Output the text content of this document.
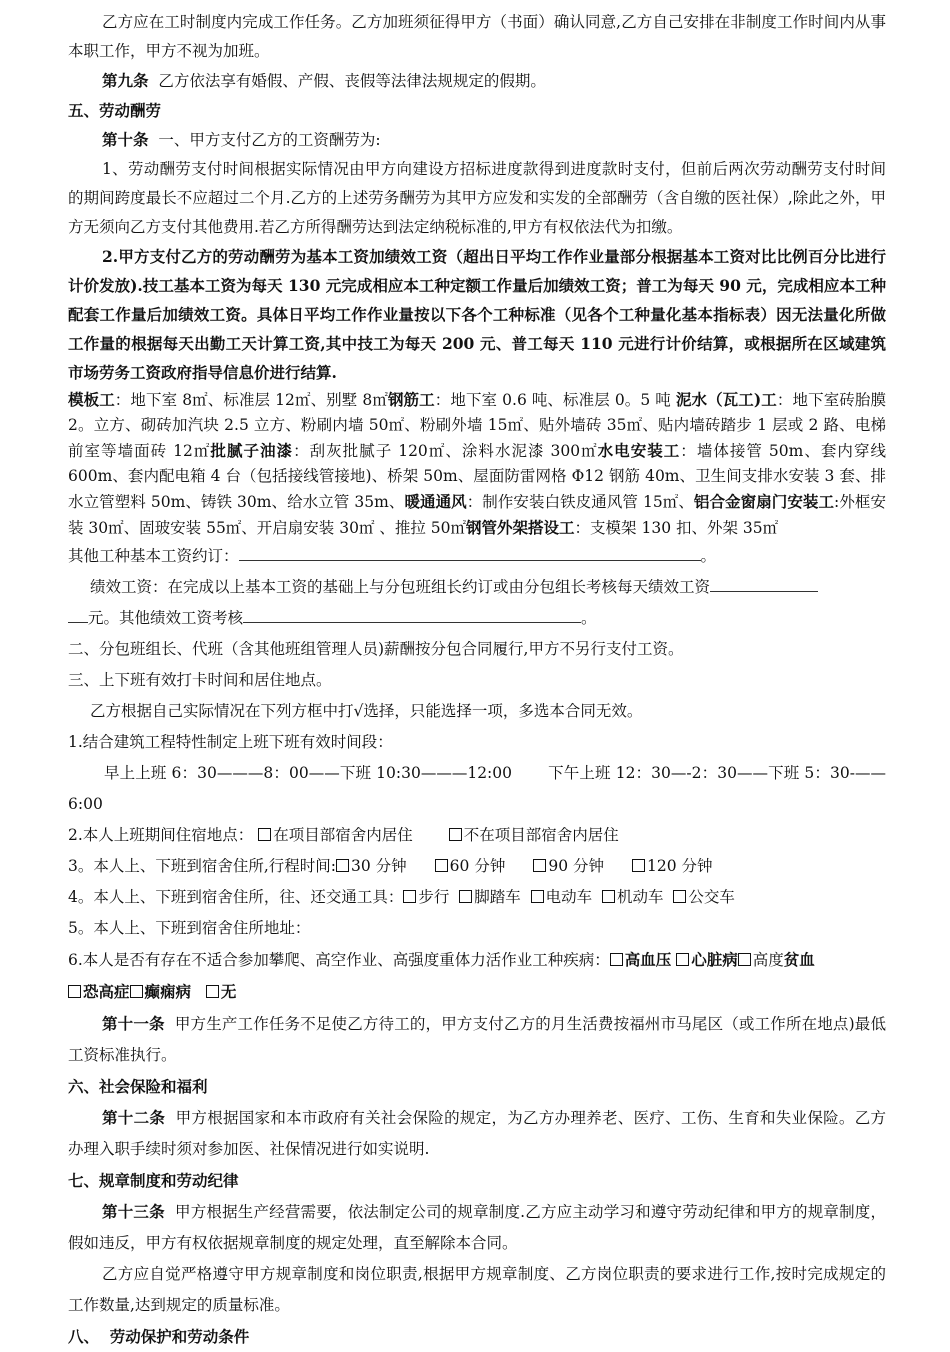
乙方应在工时制度内完成工作任务。乙方加班须征得甲方（书面）确认同意,乙方自己安排在非制度工作时间内从事本职工作，甲方不视为加班。

第九条 乙方依法享有婚假、产假、丧假等法律法规规定的假期。

五、劳动酬劳

第十条 一、甲方支付乙方的工资酬劳为:

1、劳动酬劳支付时间根据实际情况由甲方向建设方招标进度款得到进度款时支付，但前后两次劳动酬劳支付时间的期间跨度最长不应超过二个月.乙方的上述劳务酬劳为其甲方应发和实发的全部酬劳（含自缴的医社保）,除此之外，甲方无须向乙方支付其他费用.若乙方所得酬劳达到法定纳税标准的,甲方有权依法代为扣缴。

2.甲方支付乙方的劳动酬劳为基本工资加绩效工资（超出日平均工作作业量部分根据基本工资对比比例百分比进行计价发放).技工基本工资为每天 130 元完成相应本工种定额工作量后加绩效工资；普工为每天 90 元，完成相应本工种配套工作量后加绩效工资。具体日平均工作作业量按以下各个工种标准（见各个工种量化基本指标表）因无法量化所做工作量的根据每天出勤工天计算工资,其中技工为每天 200 元、普工每天 110 元进行计价结算，或根据所在区域建筑市场劳务工资政府指导信息价进行结算.

模板工：地下室 8㎡、标准层 12㎡、别墅 8㎡钢筋工：地下室 0.6 吨、标准层 0。5 吨 泥水（瓦工)工：地下室砖胎膜 2。立方、砌砖加汽块 2.5 立方、粉刷内墙 50㎡、粉刷外墙 15㎡、贴外墙砖 35㎡、贴内墙砖踏步 1 层或 2 路、电梯前室等墙面砖 12㎡批腻子油漆：刮灰批腻子 120㎡、涂料水泥漆 300㎡水电安装工：墙体接管 50m、套内穿线 600m、套内配电箱 4 台（包括接线管接地)、桥架 50m、屋面防雷网格 Φ12 钢筋 40m、卫生间支排水安装 3 套、排水立管塑料 50m、铸铁 30m、给水立管 35m、暖通通风：制作安装白铁皮通风管 15㎡、铝合金窗扇门安装工:外框安装 30㎡、固玻安装 55㎡、开启扇安装 30㎡ 、推拉 50㎡钢管外架搭设工：支模架 130 扣、外架 35㎡

其他工种基本工资约订：	。

绩效工资：在完成以上基本工资的基础上与分包班组长约订或由分包组长考核每天绩效工资
元。其他绩效工资考核	。

二、分包班组长、代班（含其他班组管理人员)薪酬按分包合同履行,甲方不另行支付工资。

三、上下班有效打卡时间和居住地点。

乙方根据自己实际情况在下列方框中打√选择，只能选择一项，多选本合同无效。

1.结合建筑工程特性制定上班下班有效时间段：

早上上班 6：30———8：00——下班 10:30———12:00 下午上班 12：30—-2：30——下班 5：30-——6:00

2.本人上班期间住宿地点： 在项目部宿舍内居住	不在项目部宿舍内居住

3。本人上、下班到宿舍住所,行程时间: 30 分钟	60 分钟	90 分钟	120 分钟

4。本人上、下班到宿舍住所，往、还交通工具： 步行 脚踏车 电动车 机动车 公交车

5。本人上、下班到宿舍住所地址：

6.本人是否有存在不适合参加攀爬、高空作业、高强度重体力活作业工种疾病： 高血压 心脏病 高度贫血
恐高症 癫痫病 无

第十一条 甲方生产工作任务不足使乙方待工的，甲方支付乙方的月生活费按福州市马尾区（或工作所在地点)最低工资标准执行。

六、社会保险和福利

第十二条 甲方根据国家和本市政府有关社会保险的规定，为乙方办理养老、医疗、工伤、生育和失业保险。乙方办理入职手续时须对参加医、社保情况进行如实说明.

七、规章制度和劳动纪律

第十三条 甲方根据生产经营需要，依法制定公司的规章制度.乙方应主动学习和遵守劳动纪律和甲方的规章制度，假如违反，甲方有权依据规章制度的规定处理，直至解除本合同。

乙方应自觉严格遵守甲方规章制度和岗位职责,根据甲方规章制度、乙方岗位职责的要求进行工作,按时完成规定的工作数量,达到规定的质量标准。

八、  劳动保护和劳动条件
